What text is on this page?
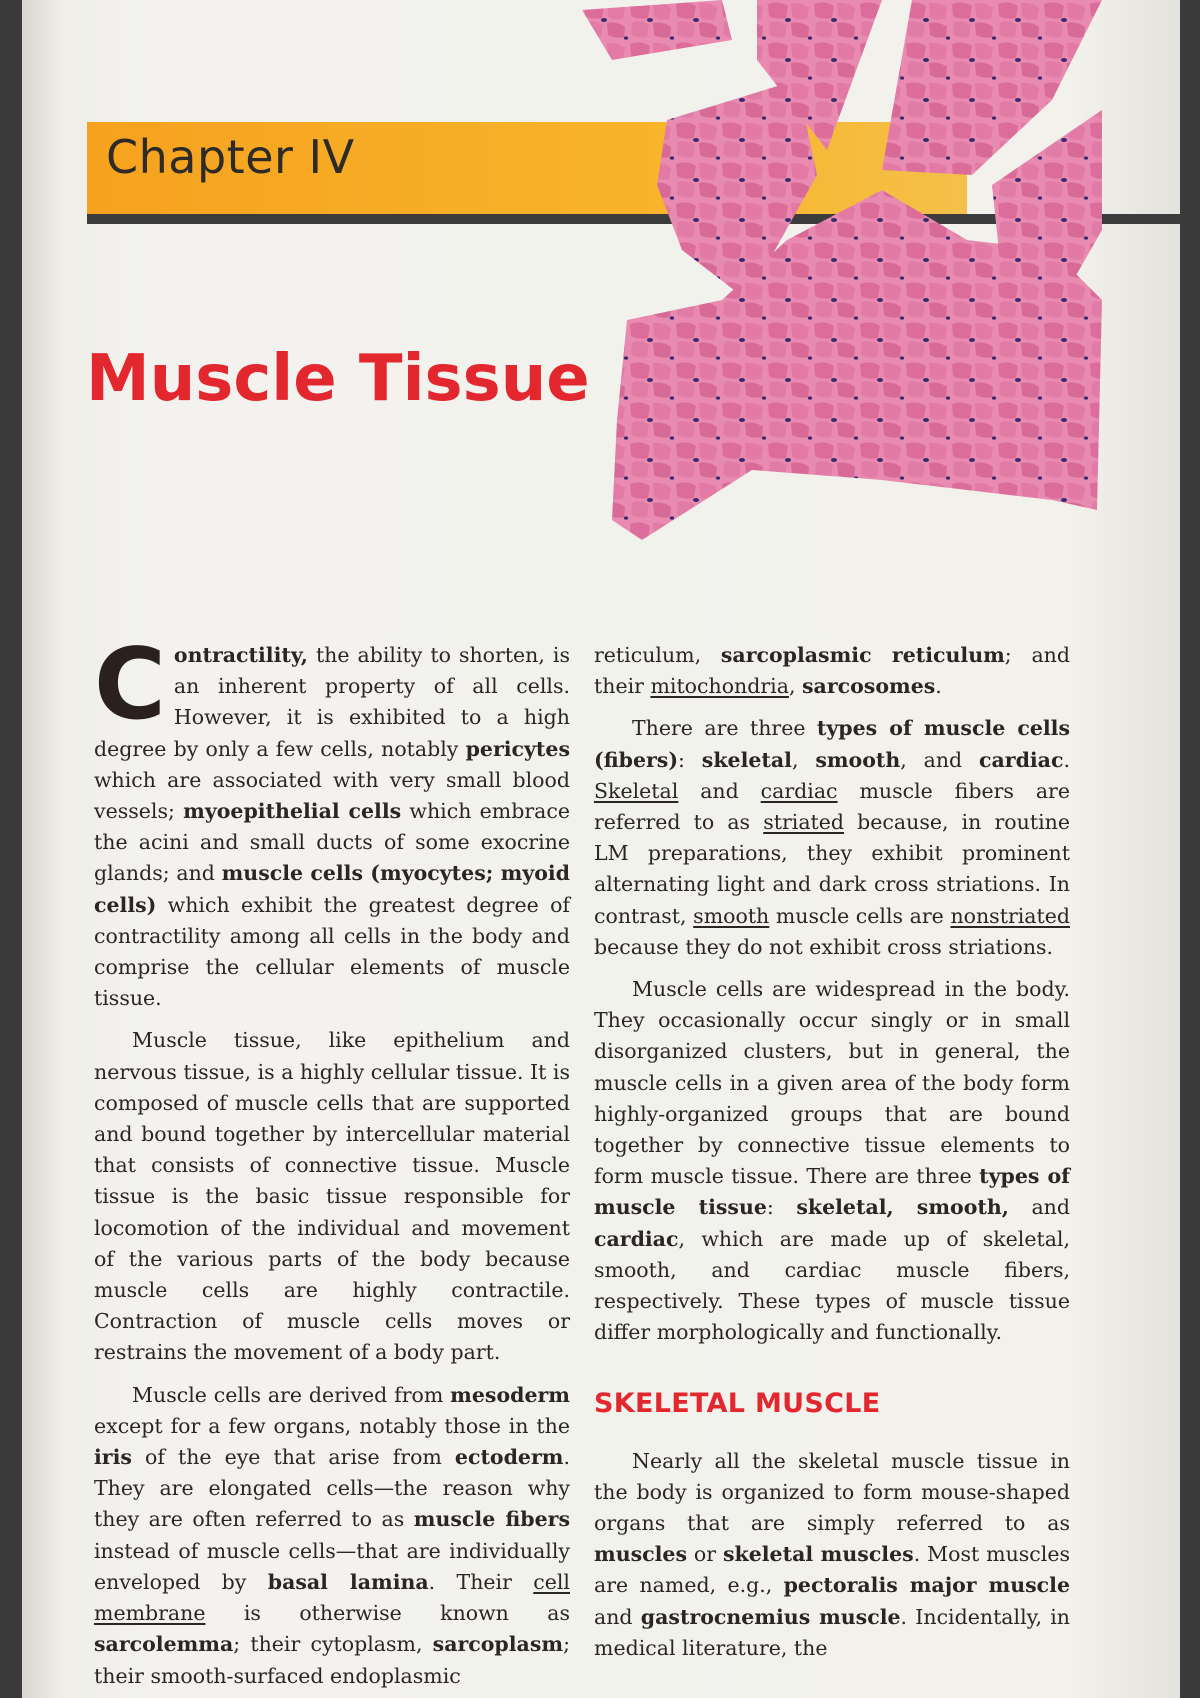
Chapter IV
Muscle Tissue

Contractility, the ability to shorten, is an inherent property of all cells. However, it is exhibited to a high degree by only a few cells, notably pericytes which are associated with very small blood vessels; myoepithelial cells which embrace the acini and small ducts of some exocrine glands; and muscle cells (myocytes; myoid cells) which exhibit the greatest degree of contractility among all cells in the body and comprise the cellular elements of muscle tissue.

Muscle tissue, like epithelium and nervous tissue, is a highly cellular tissue. It is composed of muscle cells that are supported and bound together by intercellular material that consists of connective tissue. Muscle tissue is the basic tissue responsible for locomotion of the individual and movement of the various parts of the body because muscle cells are highly contractile. Contraction of muscle cells moves or restrains the movement of a body part.

Muscle cells are derived from mesoderm except for a few organs, notably those in the iris of the eye that arise from ectoderm. They are elongated cells—the reason why they are often referred to as muscle fibers instead of muscle cells—that are individually enveloped by basal lamina. Their cell membrane is otherwise known as sarcolemma; their cytoplasm, sarcoplasm; their smooth-surfaced endoplasmic

reticulum, sarcoplasmic reticulum; and their mitochondria, sarcosomes.

There are three types of muscle cells (fibers): skeletal, smooth, and cardiac. Skeletal and cardiac muscle fibers are referred to as striated because, in routine LM preparations, they exhibit prominent alternating light and dark cross striations. In contrast, smooth muscle cells are nonstriated because they do not exhibit cross striations.

Muscle cells are widespread in the body. They occasionally occur singly or in small disorganized clusters, but in general, the muscle cells in a given area of the body form highly-organized groups that are bound together by connective tissue elements to form muscle tissue. There are three types of muscle tissue: skeletal, smooth, and cardiac, which are made up of skeletal, smooth, and cardiac muscle fibers, respectively. These types of muscle tissue differ morphologically and functionally.

SKELETAL MUSCLE

Nearly all the skeletal muscle tissue in the body is organized to form mouse-shaped organs that are simply referred to as muscles or skeletal muscles. Most muscles are named, e.g., pectoralis major muscle and gastrocnemius muscle. Incidentally, in medical literature, the
